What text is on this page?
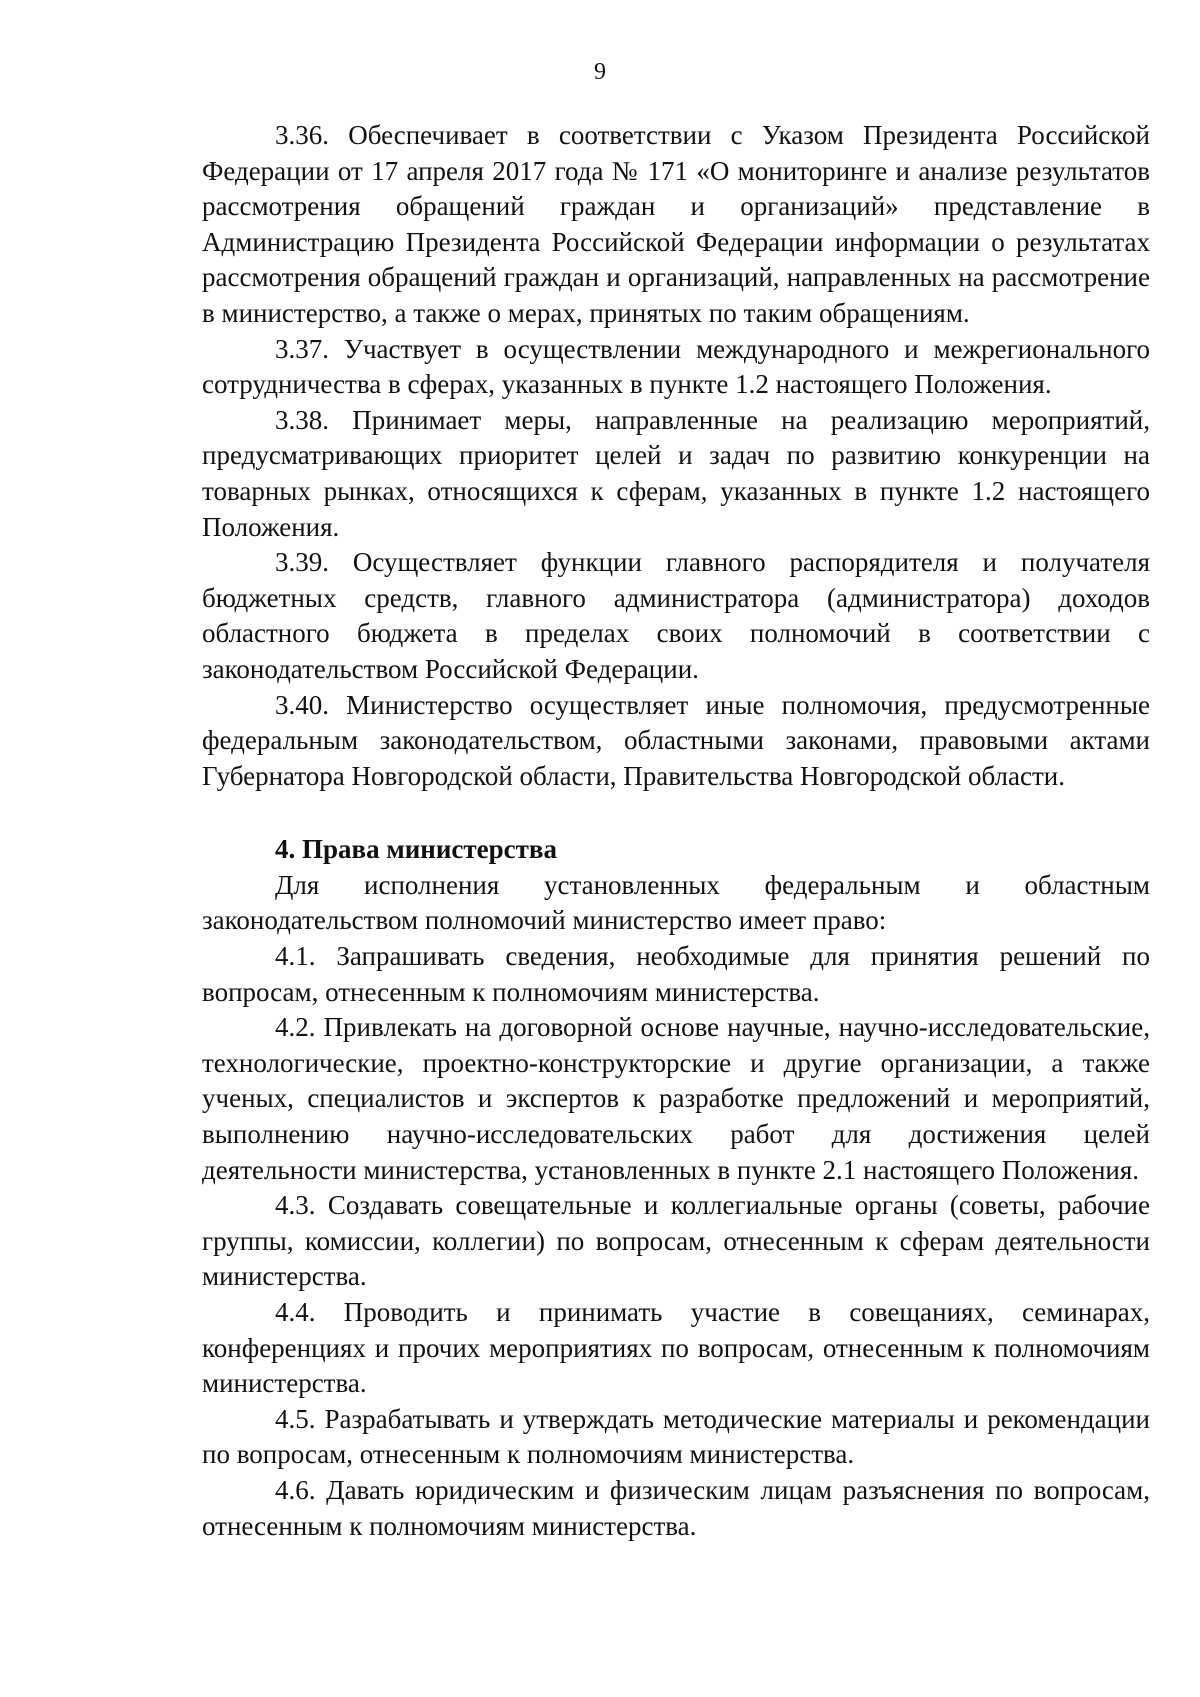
9

3.36. Обеспечивает в соответствии с Указом Президента Российской Федерации от 17 апреля 2017 года № 171 «О мониторинге и анализе результатов рассмотрения обращений граждан и организаций» представление в Администрацию Президента Российской Федерации информации о результатах рассмотрения обращений граждан и организаций, направленных на рассмотрение в министерство, а также о мерах, принятых по таким обращениям.

3.37. Участвует в осуществлении международного и межрегионального сотрудничества в сферах, указанных в пункте 1.2 настоящего Положения.

3.38. Принимает меры, направленные на реализацию мероприятий, предусматривающих приоритет целей и задач по развитию конкуренции на товарных рынках, относящихся к сферам, указанных в пункте 1.2 настоящего Положения.

3.39. Осуществляет функции главного распорядителя и получателя бюджетных средств, главного администратора (администратора) доходов областного бюджета в пределах своих полномочий в соответствии с законодательством Российской Федерации.

3.40. Министерство осуществляет иные полномочия, предусмотренные федеральным законодательством, областными законами, правовыми актами Губернатора Новгородской области, Правительства Новгородской области.

4. Права министерства

Для исполнения установленных федеральным и областным законодательством полномочий министерство имеет право:

4.1. Запрашивать сведения, необходимые для принятия решений по вопросам, отнесенным к полномочиям министерства.

4.2. Привлекать на договорной основе научные, научно-исследовательские, технологические, проектно-конструкторские и другие организации, а также ученых, специалистов и экспертов к разработке предложений и мероприятий, выполнению научно-исследовательских работ для достижения целей деятельности министерства, установленных в пункте 2.1 настоящего Положения.

4.3. Создавать совещательные и коллегиальные органы (советы, рабочие группы, комиссии, коллегии) по вопросам, отнесенным к сферам деятельности министерства.

4.4. Проводить и принимать участие в совещаниях, семинарах, конференциях и прочих мероприятиях по вопросам, отнесенным к полномочиям министерства.

4.5. Разрабатывать и утверждать методические материалы и рекомендации по вопросам, отнесенным к полномочиям министерства.

4.6. Давать юридическим и физическим лицам разъяснения по вопросам, отнесенным к полномочиям министерства.
